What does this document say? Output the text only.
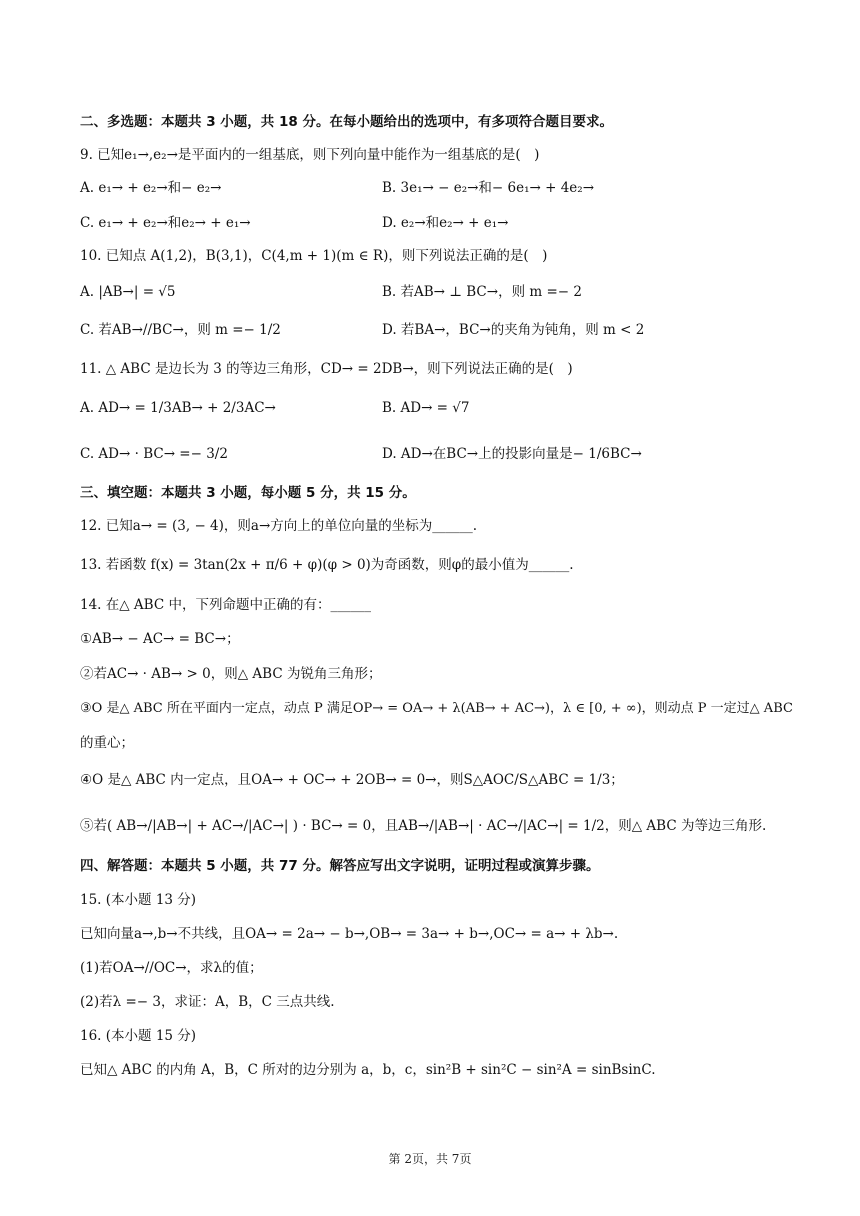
二、多选题：本题共 3 小题，共 18 分。在每小题给出的选项中，有多项符合题目要求。
9. 已知e₁→,e₂→是平面内的一组基底，则下列向量中能作为一组基底的是(　)
A. e₁→ + e₂→和− e₂→	B. 3e₁→ − e₂→和− 6e₁→ + 4e₂→
C. e₁→ + e₂→和e₂→ + e₁→	D. e₂→和e₂→ + e₁→
10. 已知点 A(1,2)，B(3,1)，C(4,m + 1)(m ∈ R)，则下列说法正确的是(　)
A. |AB→| = √5	B. 若AB→ ⊥ BC→，则 m =− 2
C. 若AB→//BC→，则 m =− 1/2	D. 若BA→，BC→的夹角为钝角，则 m < 2
11. △ ABC 是边长为 3 的等边三角形，CD→ = 2DB→，则下列说法正确的是(　)
A. AD→ = 1/3AB→ + 2/3AC→	B. AD→ = √7
C. AD→ · BC→ =− 3/2	D. AD→在BC→上的投影向量是− 1/6BC→
三、填空题：本题共 3 小题，每小题 5 分，共 15 分。
12. 已知a→ = (3, − 4)，则a→方向上的单位向量的坐标为______.
13. 若函数 f(x) = 3tan(2x + π/6 + φ)(φ > 0)为奇函数，则φ的最小值为______.
14. 在△ ABC 中，下列命题中正确的有：______
①AB→ − AC→ = BC→；
②若AC→ · AB→ > 0，则△ ABC 为锐角三角形；
③O 是△ ABC 所在平面内一定点，动点 P 满足OP→ = OA→ + λ(AB→ + AC→)，λ ∈ [0, + ∞)，则动点 P 一定过△ ABC
的重心；
④O 是△ ABC 内一定点，且OA→ + OC→ + 2OB→ = 0→，则S△AOC/S△ABC = 1/3；
⑤若( AB→/|AB→| + AC→/|AC→| ) · BC→ = 0，且AB→/|AB→| · AC→/|AC→| = 1/2，则△ ABC 为等边三角形.
四、解答题：本题共 5 小题，共 77 分。解答应写出文字说明，证明过程或演算步骤。
15. (本小题 13 分)
已知向量a→,b→不共线，且OA→ = 2a→ − b→,OB→ = 3a→ + b→,OC→ = a→ + λb→.
(1)若OA→//OC→，求λ的值；
(2)若λ =− 3，求证：A，B，C 三点共线.
16. (本小题 15 分)
已知△ ABC 的内角 A，B，C 所对的边分别为 a，b，c，sin²B + sin²C − sin²A = sinBsinC.
第 2页，共 7页
